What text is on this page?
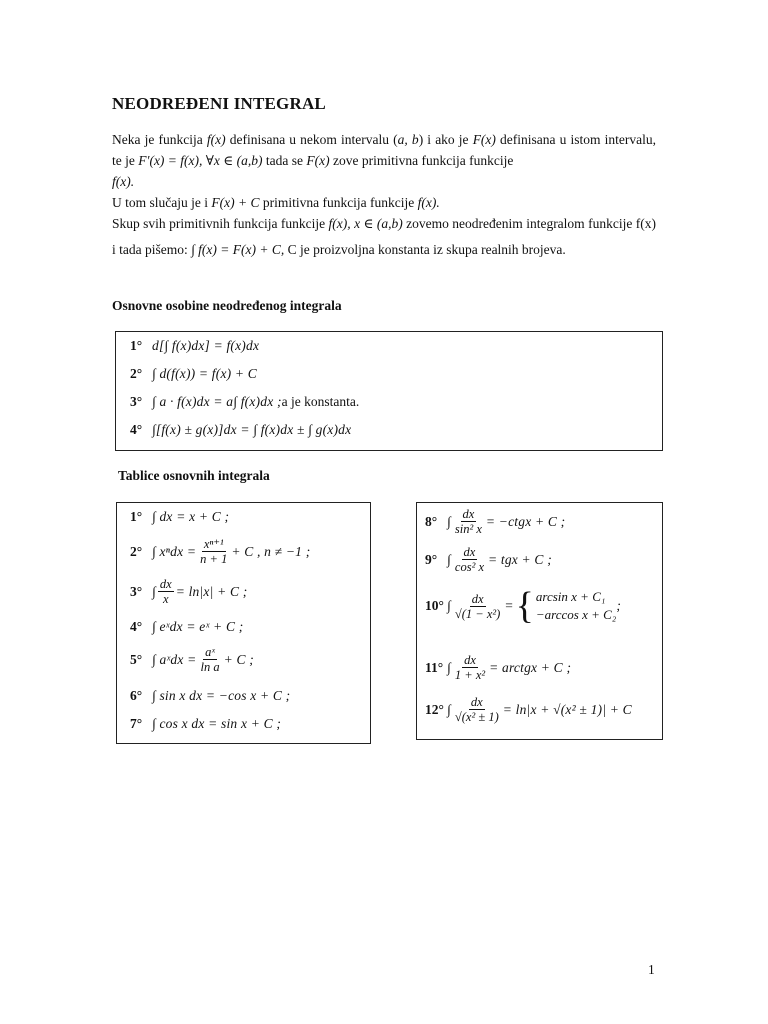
NEODREĐENI INTEGRAL
Neka je funkcija f(x) definisana u nekom intervalu (a, b) i ako je F(x) definisana u istom intervalu, te je F′(x) = f(x), ∀x ∈ (a,b) tada se F(x) zove primitivna funkcija funkcije
f(x).
U tom slučaju je i F(x) + C primitivna funkcija funkcije f(x).
Skup svih primitivnih funkcija funkcije f(x), x ∈ (a,b) zovemo neodređenim integralom funkcije f(x) i tada pišemo: ∫ f(x) = F(x) + C, C je proizvoljna konstanta iz skupa realnih brojeva.
Osnovne osobine neodređenog integrala
1° d[∫ f(x)dx] = f(x)dx
2° ∫ d(f(x)) = f(x) + C
3° ∫ a · f(x)dx = a∫ f(x)dx ; a je konstanta.
4° ∫[f(x) ± g(x)]dx = ∫ f(x)dx ± ∫ g(x)dx
Tablice osnovnih integrala
1° ∫ dx = x + C ;
2° ∫ $x^ndx = \frac{\text{xⁿ⁺¹}}{n + 1} + C$ , n ≠ −1 ;
3° ∫ $\frac{dx}{x} = \ln|x| + C$ ;
4° ∫ eˣdx = eˣ + C ;
5° ∫ aˣdx = $\frac{\text{aˣ}}{\text{ln a}} + C$ ;
6° ∫ sin x dx = −cos x + C ;
7° ∫ cos x dx = sin x + C ;
8° ∫ $\frac{dx}{\text{sin² x}}$ = −ctgx + C ;
9° ∫ $\frac{dx}{\text{cos² x}}$ = tgx + C ;
10° ∫ $\frac{dx}{\text{√(1 − x²)}}$ = { arcsin x + C₁
−arccos x + C₂
;
11° ∫ $\frac{dx}{\text{1 + x²}}$ = arctgx + C ;
12° ∫ $\frac{dx}{\text{√(x² ± 1)}} = \ln|x + √(x^2 \pm 1)| + C$
1
